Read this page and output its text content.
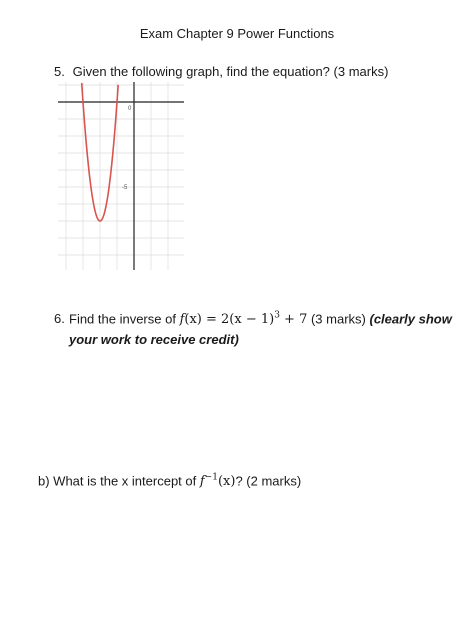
Exam Chapter 9 Power Functions
5. Given the following graph, find the equation? (3 marks)
0
-5
6. Find the inverse of $f(x) = 2(x - 1)^3 + 7$ (3 marks) (clearly show
your work to receive credit)
b) What is the x intercept of $f^{-1}(x)$? (2 marks)
